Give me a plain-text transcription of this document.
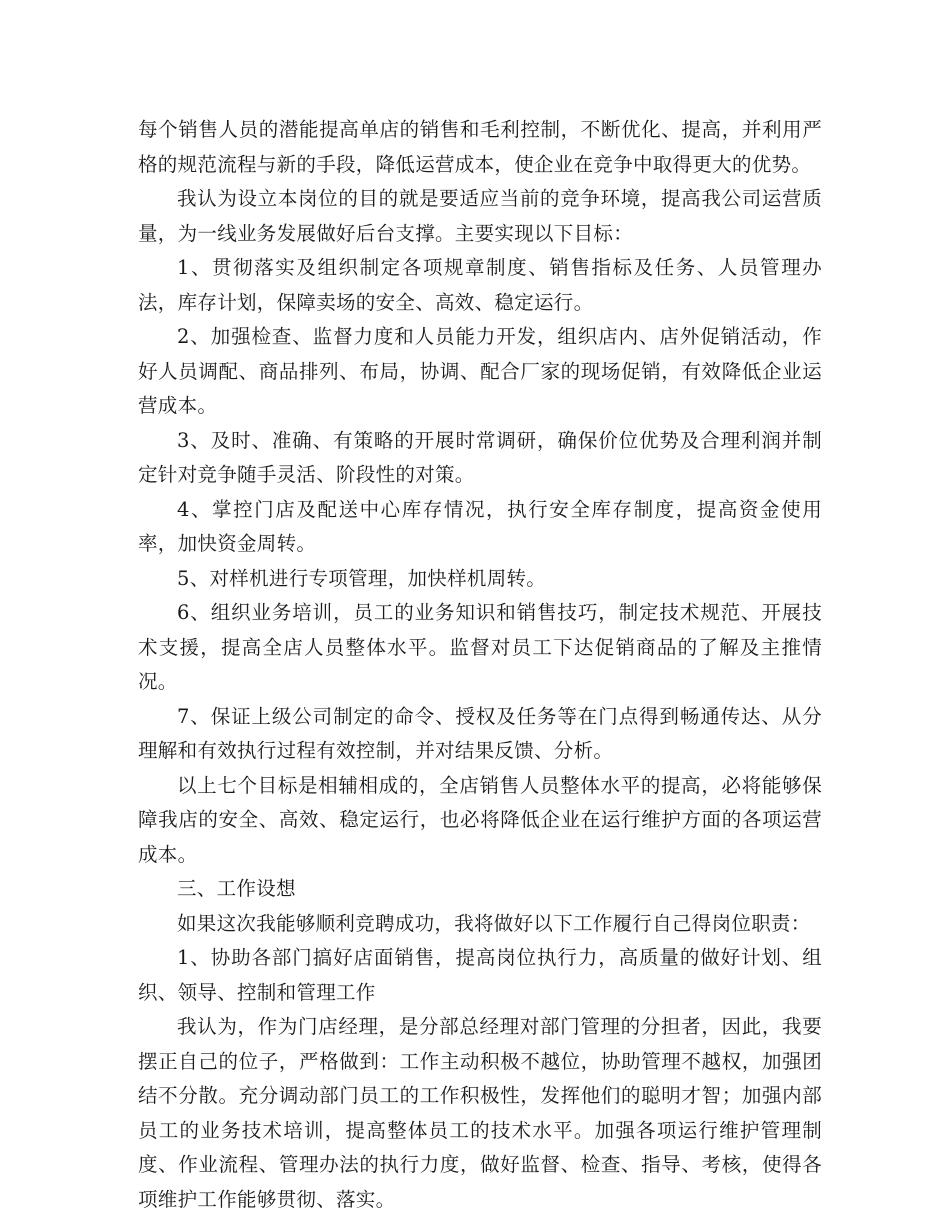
每个销售人员的潜能提高单店的销售和毛利控制，不断优化、提高，并利用严格的规范流程与新的手段，降低运营成本，使企业在竞争中取得更大的优势。

我认为设立本岗位的目的就是要适应当前的竞争环境，提高我公司运营质量，为一线业务发展做好后台支撑。主要实现以下目标：

1、贯彻落实及组织制定各项规章制度、销售指标及任务、人员管理办法，库存计划，保障卖场的安全、高效、稳定运行。

2、加强检查、监督力度和人员能力开发，组织店内、店外促销活动，作好人员调配、商品排列、布局，协调、配合厂家的现场促销，有效降低企业运营成本。

3、及时、准确、有策略的开展时常调研，确保价位优势及合理利润并制定针对竞争随手灵活、阶段性的对策。

4、掌控门店及配送中心库存情况，执行安全库存制度，提高资金使用率，加快资金周转。

5、对样机进行专项管理，加快样机周转。

6、组织业务培训，员工的业务知识和销售技巧，制定技术规范、开展技术支援，提高全店人员整体水平。监督对员工下达促销商品的了解及主推情况。

7、保证上级公司制定的命令、授权及任务等在门点得到畅通传达、从分理解和有效执行过程有效控制，并对结果反馈、分析。

以上七个目标是相辅相成的，全店销售人员整体水平的提高，必将能够保障我店的安全、高效、稳定运行，也必将降低企业在运行维护方面的各项运营成本。

三、工作设想

如果这次我能够顺利竞聘成功，我将做好以下工作履行自己得岗位职责：

1、协助各部门搞好店面销售，提高岗位执行力，高质量的做好计划、组织、领导、控制和管理工作

我认为，作为门店经理，是分部总经理对部门管理的分担者，因此，我要摆正自己的位子，严格做到：工作主动积极不越位，协助管理不越权，加强团结不分散。充分调动部门员工的工作积极性，发挥他们的聪明才智；加强内部员工的业务技术培训，提高整体员工的技术水平。加强各项运行维护管理制度、作业流程、管理办法的执行力度，做好监督、检查、指导、考核，使得各项维护工作能够贯彻、落实。
